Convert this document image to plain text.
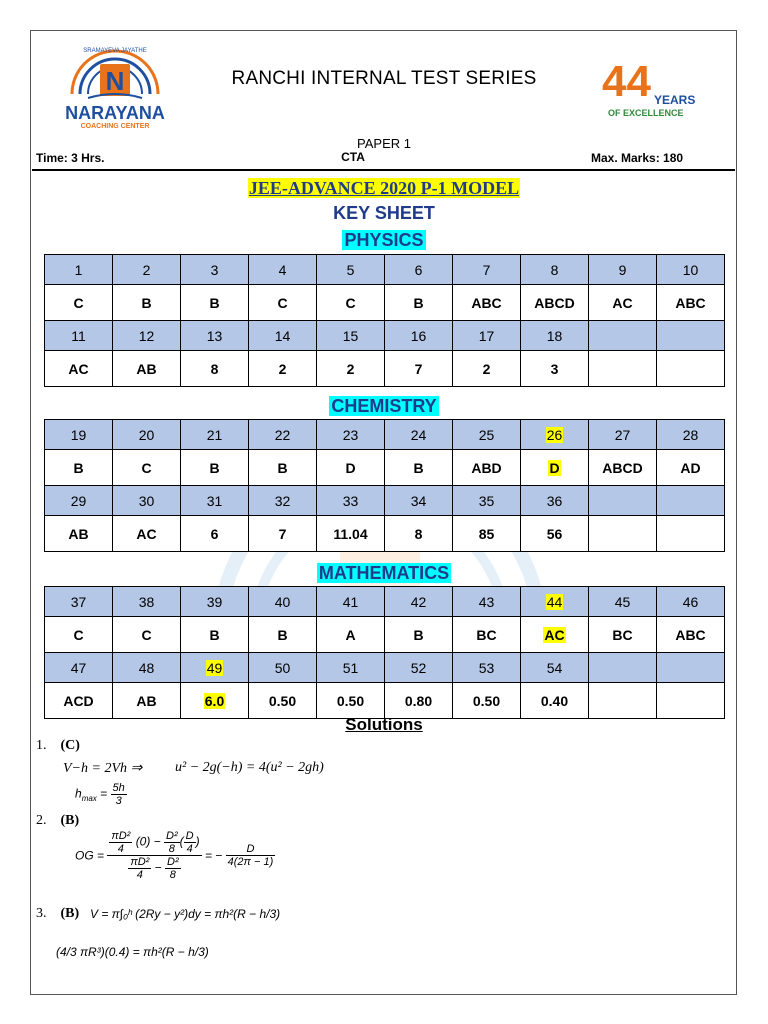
N
SRAMAYEVA JAYATHE
NARAYANA
COACHING CENTER
RANCHI INTERNAL TEST SERIES	44 YEARS
OF EXCELLENCE
PAPER 1
CTA
Time: 3 Hrs.	Max. Marks: 180
JEE-ADVANCE 2020 P-1 MODEL
KEY SHEET
PHYSICS
CHEMISTRY
MATHEMATICS
1	2	3	4	5	6	7	8	9	10
C	B	B	C	C	B	ABC	ABCD	AC	ABC
11	12	13	14	15	16	17	18		
AC	AB	8	2	2	7	2	3		
19	20	21	22	23	24	25	26	27	28
B	C	B	B	D	B	ABD	D	ABCD	AD
29	30	31	32	33	34	35	36		
AB	AC	6	7	11.04	8	85	56		
37	38	39	40	41	42	43	44	45	46
C	C	B	B	A	B	BC	AC	BC	ABC
47	48	49	50	51	52	53	54		
ACD	AB	6.0	0.50	0.50	0.80	0.50	0.40		
Solutions
1. (C)
V−h = 2Vh ⇒ u² − 2g(−h) = 4(u² − 2gh)
$h_{max} = \frac{5h}{3}$
2. (B)
OG = $\frac{\frac{\text{πD²}}{4} (0) - \frac{\text{D²}}{8} ( \frac{D}{4} )}{\frac{\text{πD²}}{4} - \frac{\text{D²}}{8}}$ = − $\frac{D}{4(2\pi - 1)}$
3. (B) V = π∫₀ʰ (2Ry − y²)dy = πh²(R − h/3)
(4/3 πR³)(0.4) = πh²(R − h/3)
